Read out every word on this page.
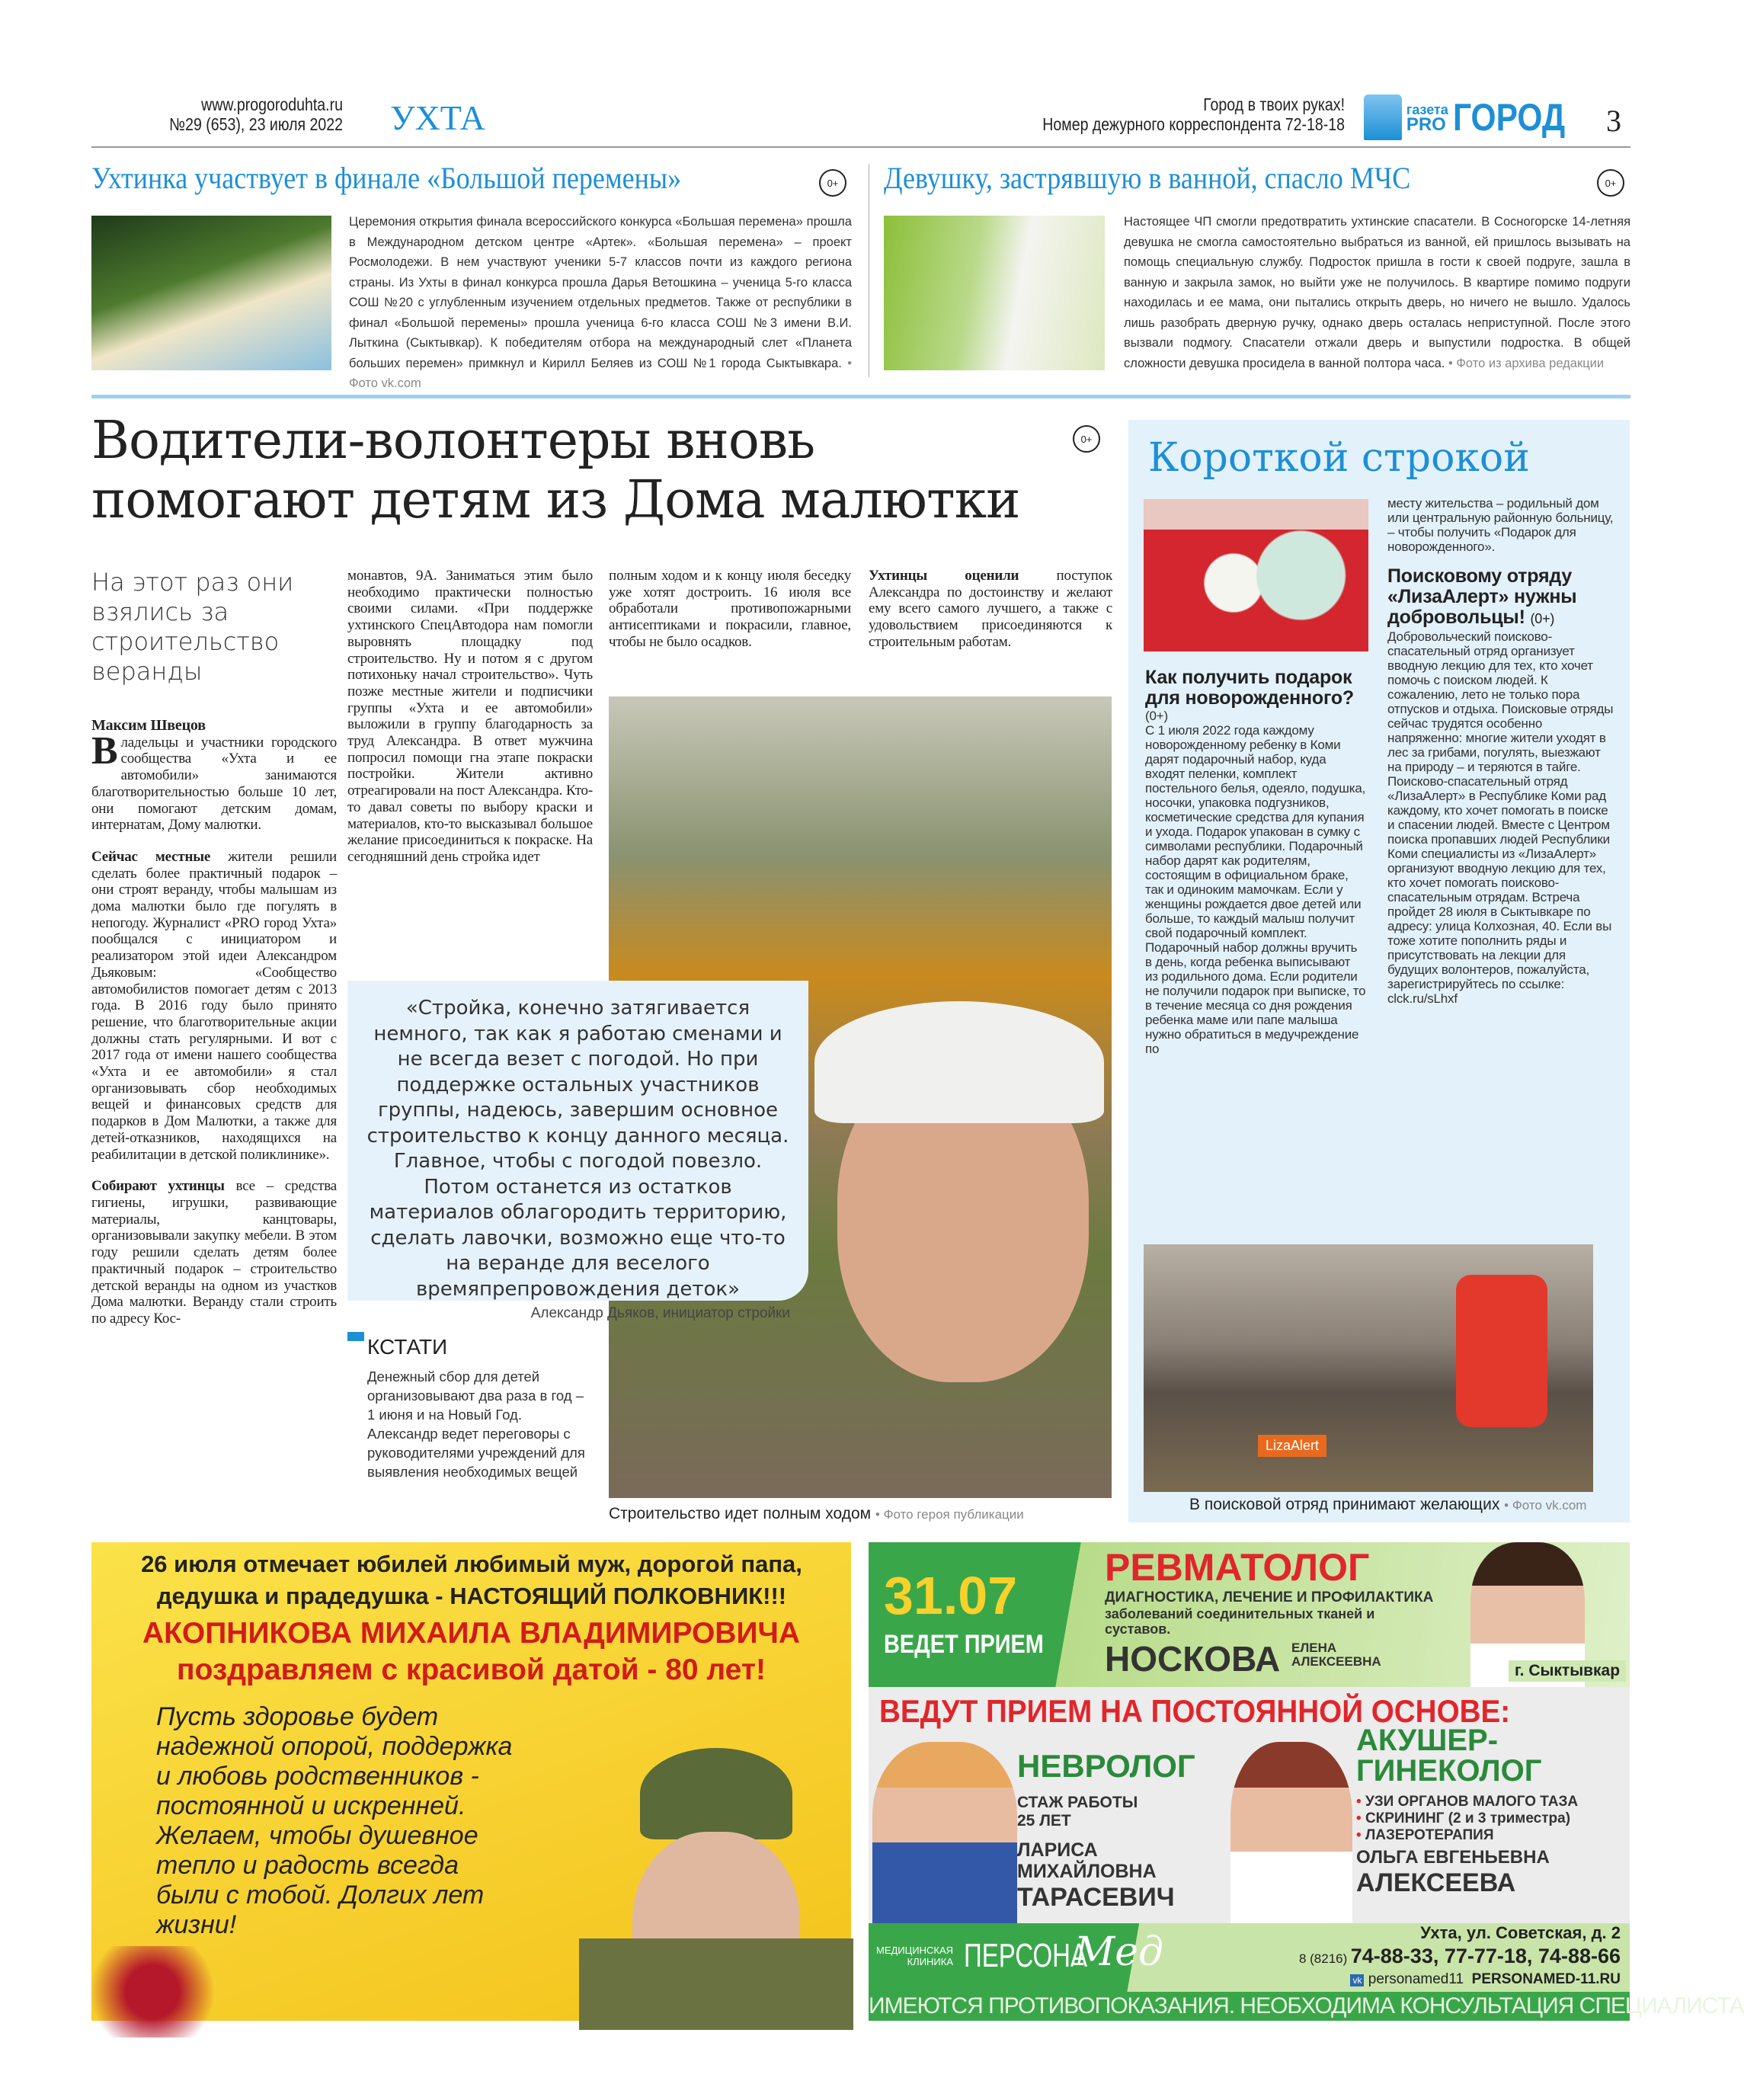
www.progoroduhta.ru
№29 (653), 23 июля 2022 УХТА	Город в твоих руках!
Номер дежурного корреспондента 72-18-18
газета
PRO ГОРОД 3
Ухтинка участвует в финале «Большой перемены»	0+
Церемония открытия финала всероссийского конкурса «Большая перемена» прошла в Международном детском центре «Артек». «Большая перемена» – проект Росмолодежи. В нем участвуют ученики 5-7 классов почти из каждого региона страны. Из Ухты в финал конкурса прошла Дарья Ветошкина – ученица 5-го класса СОШ №20 с углубленным изучением отдельных предметов. Также от республики в финал «Большой перемены» прошла ученица 6-го класса СОШ №3 имени В.И. Лыткина (Сыктывкар). К победителям отбора на международный слет «Планета больших перемен» примкнул и Кирилл Беляев из СОШ №1 города Сыктывкара. • Фото vk.com
Девушку, застрявшую в ванной, спасло МЧС	0+
Настоящее ЧП смогли предотвратить ухтинские спасатели. В Сосногорске 14-летняя девушка не смогла самостоятельно выбраться из ванной, ей пришлось вызывать на помощь специальную службу. Подросток пришла в гости к своей подруге, зашла в ванную и закрыла замок, но выйти уже не получилось. В квартире помимо подруги находилась и ее мама, они пытались открыть дверь, но ничего не вышло. Удалось лишь разобрать дверную ручку, однако дверь осталась неприступной. После этого вызвали подмогу. Спасатели отжали дверь и выпустили подростка. В общей сложности девушка просидела в ванной полтора часа. • Фото из архива редакции
Водители-волонтеры вновь помогают детям из Дома малютки
0+
На этот раз они взялись за строительство веранды
Максим Швецов

Владельцы и участники городского сообщества «Ухта и ее автомобили» занимаются благотворительностью больше 10 лет, они помогают детским домам, интернатам, Дому малютки.

Сейчас местные жители решили сделать более практичный подарок – они строят веранду, чтобы малышам из дома малютки было где погулять в непогоду. Журналист «PRO город Ухта» пообщался с инициатором и реализатором этой идеи Александром Дьяковым: «Сообщество автомобилистов помогает детям с 2013 года. В 2016 году было принято решение, что благотворительные акции должны стать регулярными. И вот с 2017 года от имени нашего сообщества «Ухта и ее автомобили» я стал организовывать сбор необходимых вещей и финансовых средств для подарков в Дом Малютки, а также для детей-отказников, находящихся на реабилитации в детской поликлинике».

Собирают ухтинцы все – средства гигиены, игрушки, развивающие материалы, канцтовары, организовывали закупку мебели. В этом году решили сделать детям более практичный подарок – строительство детской веранды на одном из участков Дома малютки. Веранду стали строить по адресу Кос-

монавтов, 9А. Заниматься этим было необходимо практически полностью своими силами. «При поддержке ухтинского СпецАвтодора нам помогли выровнять площадку под строительство. Ну и потом я с другом потихоньку начал строительство». Чуть позже местные жители и подписчики группы «Ухта и ее автомобили» выложили в группу благодарность за труд Александра. В ответ мужчина попросил помощи гна этапе покраски постройки. Жители активно отреагировали на пост Александра. Кто-то давал советы по выбору краски и материалов, кто-то высказывал большое желание присоединиться к покраске. На сегодняшний день стройка идет

полным ходом и к концу июля беседку уже хотят достроить. 16 июля все обработали противопожарными антисептиками и покрасили, главное, чтобы не было осадков.

Ухтинцы оценили поступок Александра по достоинству и желают ему всего самого лучшего, а также с удовольствием присоединяются к строительным работам.

«Стройка, конечно затягивается немного, так как я работаю сменами и не всегда везет с погодой. Но при поддержке остальных участников группы, надеюсь, завершим основное строительство к концу данного месяца. Главное, чтобы с погодой повезло. Потом останется из остатков материалов облагородить территорию, сделать лавочки, возможно еще что-то на веранде для веселого времяпрепровождения деток»
Александр Дьяков, инициатор стройки
КСТАТИ
Денежный сбор для детей организовывают два раза в год – 1 июня и на Новый Год. Александр ведет переговоры с руководителями учреждений для выявления необходимых вещей
Строительство идет полным ходом • Фото героя публикации
Короткой строкой
Как получить подарок для новорожденного?
(0+)
С 1 июля 2022 года каждому новорожденному ребенку в Коми дарят подарочный набор, куда входят пеленки, комплект постельного белья, одеяло, подушка, носочки, упаковка подгузников, косметические средства для купания и ухода. Подарок упакован в сумку с символами республики. Подарочный набор дарят как родителям, состоящим в официальном браке, так и одиноким мамочкам. Если у женщины рождается двое детей или больше, то каждый малыш получит свой подарочный комплект. Подарочный набор должны вручить в день, когда ребенка выписывают из родильного дома. Если родители не получили подарок при выписке, то в течение месяца со дня рождения ребенка маме или папе малыша нужно обратиться в медучреждение по
месту жительства – родильный дом или центральную районную больницу, – чтобы получить «Подарок для новорожденного».
Поисковому отряду «ЛизаАлерт» нужны добровольцы! (0+)
Добровольческий поисково-спасательный отряд организует вводную лекцию для тех, кто хочет помочь с поиском людей. К сожалению, лето не только пора отпусков и отдыха. Поисковые отряды сейчас трудятся особенно напряженно: многие жители уходят в лес за грибами, погулять, выезжают на природу – и теряются в тайге. Поисково-спасательный отряд «ЛизаАлерт» в Республике Коми рад каждому, кто хочет помогать в поиске и спасении людей. Вместе с Центром поиска пропавших людей Республики Коми специалисты из «ЛизаАлерт» организуют вводную лекцию для тех, кто хочет помогать поисково-спасательным отрядам. Встреча пройдет 28 июля в Сыктывкаре по адресу: улица Колхозная, 40. Если вы тоже хотите пополнить ряды и присутствовать на лекции для будущих волонтеров, пожалуйста, зарегистрируйтесь по ссылке: clck.ru/sLhxf
LizaAlert
В поисковой отряд принимают желающих • Фото vk.com
26 июля отмечает юбилей любимый муж, дорогой папа, дедушка и прадедушка - НАСТОЯЩИЙ ПОЛКОВНИК!!!
АКОПНИКОВА МИХАИЛА ВЛАДИМИРОВИЧА
поздравляем с красивой датой - 80 лет!
Пусть здоровье будет надежной опорой, поддержка и любовь родственников - постоянной и искренней. Желаем, чтобы душевное тепло и радость всегда были с тобой. Долгих лет жизни!
31.07
ВЕДЕТ ПРИЕМ
РЕВМАТОЛОГ
ДИАГНОСТИКА, ЛЕЧЕНИЕ И ПРОФИЛАКТИКА
заболеваний соединительных тканей и суставов.
НОСКОВА ЕЛЕНА
АЛЕКСЕЕВНА
г. Сыктывкар
ВЕДУТ ПРИЕМ НА ПОСТОЯННОЙ ОСНОВЕ:
НЕВРОЛОГ
СТАЖ РАБОТЫ
25 ЛЕТ
ЛАРИСА
МИХАЙЛОВНА
ТАРАСЕВИЧ
АКУШЕР-
ГИНЕКОЛОГ
• УЗИ ОРГАНОВ МАЛОГО ТАЗА
• СКРИНИНГ (2 и 3 триместра)
• ЛАЗЕРОТЕРАПИЯ
ОЛЬГА ЕВГЕНЬЕВНА
АЛЕКСЕЕВА
МЕДИЦИНСКАЯ
КЛИНИКА ПЕРСОНА
Мед	Ухта, ул. Советская, д. 2
8 (8216) 74-88-33, 77-77-18, 74-88-66
vk personamed11 PERSONAMED-11.RU
ИМЕЮТСЯ ПРОТИВОПОКАЗАНИЯ. НЕОБХОДИМА КОНСУЛЬТАЦИЯ СПЕЦИАЛИСТА
